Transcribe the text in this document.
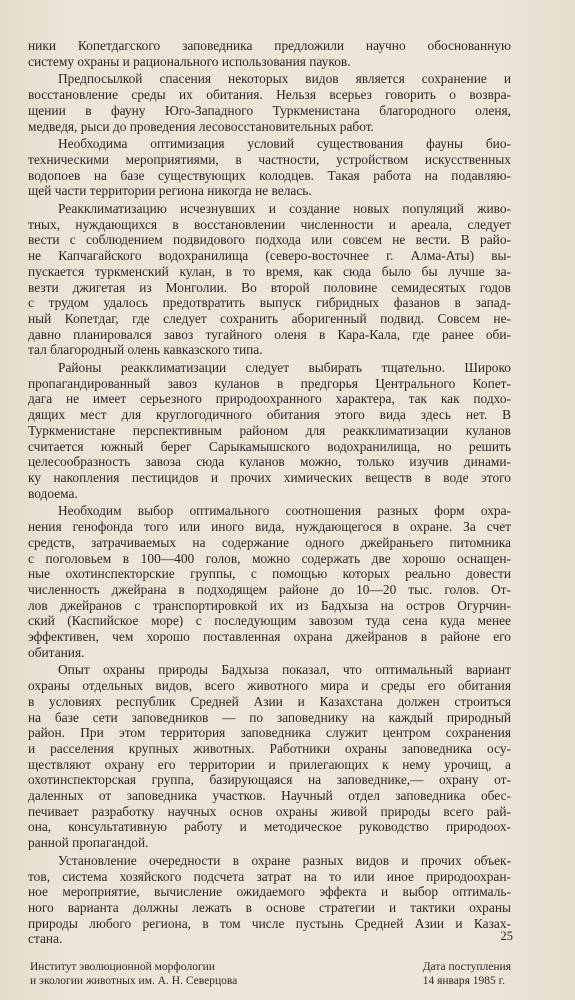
ники Копетдагского заповедника предложили научно обоснованную
систему охраны и рационального использования пауков.

Предпосылкой спасения некоторых видов является сохранение и
восстановление среды их обитания. Нельзя всерьез говорить о возвра-
щении в фауну Юго-Западного Туркменистана благородного оленя,
медведя, рыси до проведения лесовосстановительных работ.

Необходима оптимизация условий существования фауны био-
техническими мероприятиями, в частности, устройством искусственных
водопоев на базе существующих колодцев. Такая работа на подавляю-
щей части территории региона никогда не велась.

Реакклиматизацию исчезнувших и создание новых популяций живо-
тных, нуждающихся в восстановлении численности и ареала, следует
вести с соблюдением подвидового подхода или совсем не вести. В райо-
не Капчагайского водохранилища (северо-восточнее г. Алма-Аты) вы-
пускается туркменский кулан, в то время, как сюда было бы лучше за-
везти джигетая из Монголии. Во второй половине семидесятых годов
с трудом удалось предотвратить выпуск гибридных фазанов в запад-
ный Копетдаг, где следует сохранить аборигенный подвид. Совсем не-
давно планировался завоз тугайного оленя в Кара-Кала, где ранее оби-
тал благородный олень кавказского типа.

Районы реакклиматизации следует выбирать тщательно. Широко
пропагандированный завоз куланов в предгорья Центрального Копет-
дага не имеет серьезного природоохранного характера, так как подхо-
дящих мест для круглогодичного обитания этого вида здесь нет. В
Туркменистане перспективным районом для реакклиматизации куланов
считается южный берег Сарыкамышского водохранилища, но решить
целесообразность завоза сюда куланов можно, только изучив динами-
ку накопления пестицидов и прочих химических веществ в воде этого
водоема.

Необходим выбор оптимального соотношения разных форм охра-
нения генофонда того или иного вида, нуждающегося в охране. За счет
средств, затрачиваемых на содержание одного джейраньего питомника
с поголовьем в 100—400 голов, можно содержать две хорошо оснащен-
ные охотинспекторские группы, с помощью которых реально довести
численность джейрана в подходящем районе до 10—20 тыс. голов. От-
лов джейранов с транспортировкой их из Бадхыза на остров Огурчин-
ский (Каспийское море) с последующим завозом туда сена куда менее
эффективен, чем хорошо поставленная охрана джейранов в районе его
обитания.

Опыт охраны природы Бадхыза показал, что оптимальный вариант
охраны отдельных видов, всего животного мира и среды его обитания
в условиях республик Средней Азии и Казахстана должен строиться
на базе сети заповедников — по заповеднику на каждый природный
район. При этом территория заповедника служит центром сохранения
и расселения крупных животных. Работники охраны заповедника осу-
ществляют охрану его территории и прилегающих к нему урочищ, а
охотинспекторская группа, базирующаяся на заповеднике,— охрану от-
даленных от заповедника участков. Научный отдел заповедника обес-
печивает разработку научных основ охраны живой природы всего рай-
она, консультативную работу и методическое руководство природоох-
ранной пропагандой.

Установление очередности в охране разных видов и прочих объек-
тов, система хозяйского подсчета затрат на то или иное природоохран-
ное мероприятие, вычисление ожидаемого эффекта и выбор оптималь-
ного варианта должны лежать в основе стратегии и тактики охраны
природы любого региона, в том числе пустынь Средней Азии и Казах-
стана.

Институт эволюционной морфологии
и экологии животных им. А. Н. Северцова
Дата поступления
14 января 1985 г.
25
